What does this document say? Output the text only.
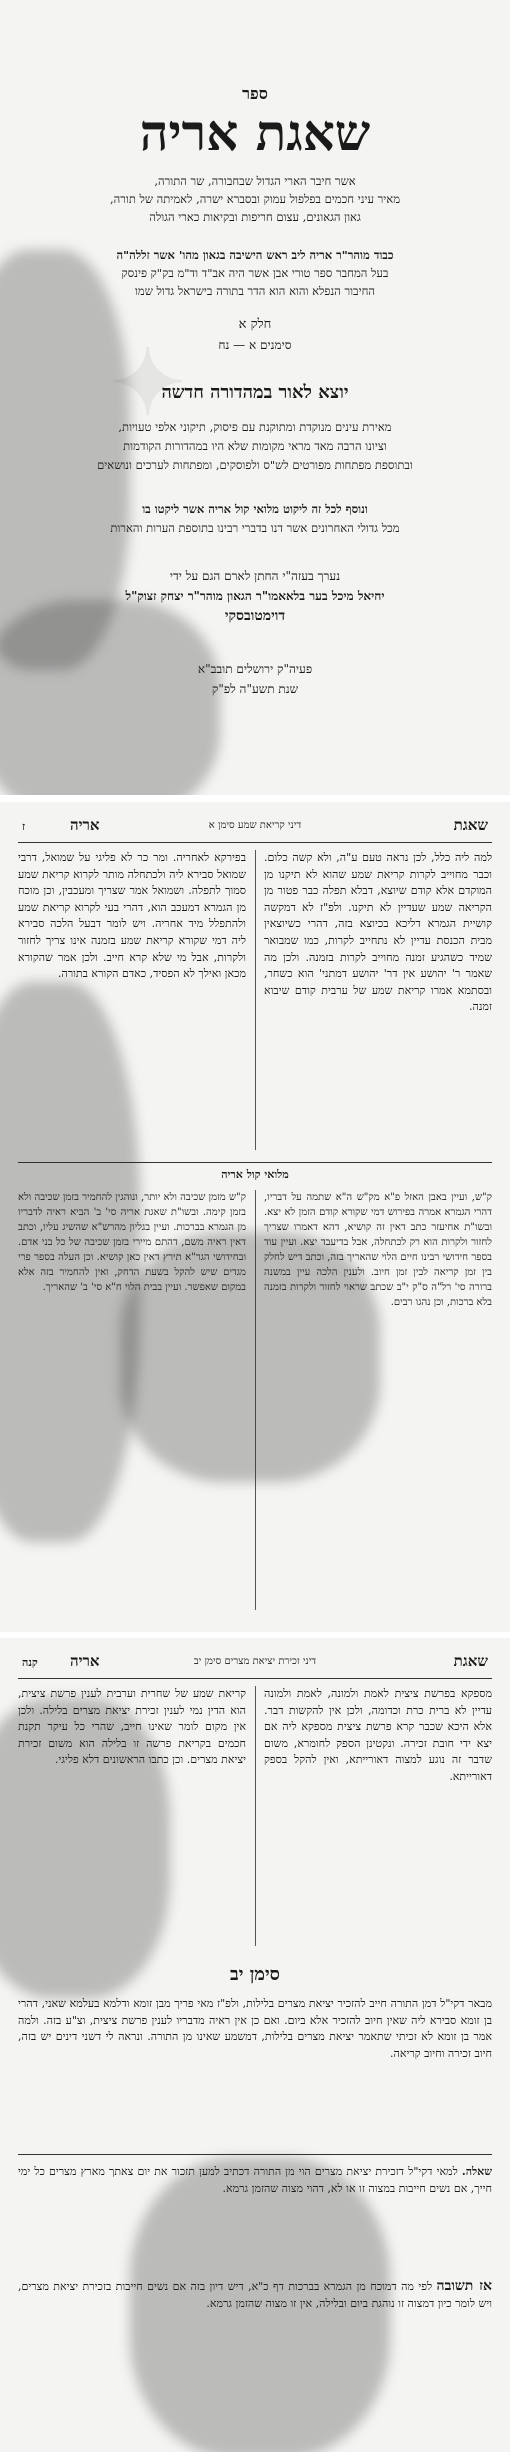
✦
ספר
שאגת אריה
אשר חיבר הארי הגדול שבחבורה, שר התורה,
מאיר עיני חכמים בפלפול עמוק ובסברא ישרה, לאמיתה של תורה,
גאון הגאונים, עצום חריפות ובקיאות כארי הגולה
כבוד מוהר"ר אריה ליב ראש הישיבה בגאון מהו' אשר זללה"ה
בעל המחבר ספר טורי אבן אשר היה אב"ד וד"מ בק"ק פינסק
החיבור הנפלא והוא הוא הדר בתורה בישראל גדול שמו
חלק א
סימנים א — נח
יוצא לאור במהדורה חדשה
מאירת עינים מנוקדת ומתוקנת עם פיסוק, תיקוני אלפי טעויות,
וציונו הרבה מאד מראי מקומות שלא היו במהדורות הקודמות
ובתוספת מפתחות מפורטים לש"ס ולפוסקים, ומפתחות לערכים ונושאים
ונוסף לכל זה ליקוט מלואי קול אריה אשר ליקטו בו
מכל גדולי האחרונים אשר דנו בדברי רבינו בתוספת הערות והארות
נערך בעזה"י החתן לארם הגם על ידי
יחיאל מיכל בער בלאאמו"ר הגאון מוהר"ר יצחק זצוק"ל
דוימטובסקי
פעיה"ק ירושלים תובב"א
שנת תשע"ה לפ"ק
שאגת
דיני קריאת שמע סימן א
אריה
ז
למה ליה כלל, לכן נראה טעם ע"ה, ולא קשה כלום. וכבר מחוייב לקרות קריאת שמע שהוא לא תיקנו מן המוקדם אלא קודם שיוצא, דבלא תפלה כבר פטור מן הקריאה שמע שעדיין לא תיקנו. ולפ"ז לא דמקשה קושיית הגמרא דליכא בכיוצא בזה, דהרי כשיוצאין מבית הכנסת עדיין לא נתחייב לקרות, כמו שמבואר שמיד כשהגיע זמנה מחוייב לקרות בזמנה. ולכן מה שאמר ר' יהושע אין דר' יהושע דמתני' הוא כשחר, ובסתמא אמרו קריאת שמע של ערבית קודם שיבוא זמנה.
בפירקא לאחריה. ומר כר לא פליגי על שמואל, דרבי שמואל סבירא ליה ולכתחלה מותר לקרוא קריאת שמע סמוך לתפלה. ושמואל אמר שצריך ומעכבין, וכן מוכח מן הגמרא דמעכב הוא, דהרי בעי לקרוא קריאת שמע ולהתפלל מיד אחריה. ויש לומר דבעל הלכה סבירא ליה דמי שקורא קריאת שמע בזמנה אינו צריך לחזור ולקרות, אבל מי שלא קרא חייב. ולכן אמר שהקורא מכאן ואילך לא הפסיד, כאדם הקורא בתורה.
מלואי קול אריה
ק"ש, ועיין באבן האזל פ"א מק"ש ה"א שתמה על דבריו, דהרי הגמרא אמרה בפירוש דמי שקורא קודם הזמן לא יצא. ובשו"ת אחיעזר כתב דאין זה קושיא, דהא דאמרו שצריך לחזור ולקרות הוא רק לכתחלה, אבל בדיעבד יצא. ועיין עוד בספר חידושי רבינו חיים הלוי שהאריך בזה, וכתב דיש לחלק בין זמן קריאה לבין זמן חיוב. ולענין הלכה עיין במשנה ברורה סי' רל"ה ס"ק י"ב שכתב שראוי לחזור ולקרות בזמנה בלא ברכות, וכן נהגו רבים.
ק"ש מזמן שכיבה ולא יותר, ונוהגין להחמיר בזמן שכיבה ולא בזמן קימה. ובשו"ת שאגת אריה סי' ב' הביא ראיה לדבריו מן הגמרא בברכות. ועיין בגליון מהרש"א שהשיג עליו, וכתב דאין ראיה משם, דהתם מיירי בזמן שכיבה של כל בני אדם. ובחידושי הגר"א תירץ דאין כאן קושיא. וכן העלה בספר פרי מגדים שיש להקל בשעת הדחק, ואין להחמיר בזה אלא במקום שאפשר. ועיין בבית הלוי ח"א סי' ב' שהאריך.
שאגת
דיני זכירת יציאת מצרים סימן יב
אריה
קנה
מספקא בפרשת ציצית לאמת ולמונה, לאמת ולמונה עדיין לא ברית כרת וכדומה, ולכן אין להקשות דבר. אלא היכא שכבר קרא פרשת ציצית מספקא ליה אם יצא ידי חובת זכירה. ונקטינן הספק לחומרא, משום שדבר זה נוגע למצוה דאורייתא, ואין להקל בספק דאורייתא.
קריאת שמע של שחרית וערבית לענין פרשת ציצית, הוא הדין נמי לענין זכירת יציאת מצרים בלילה. ולכן אין מקום לומר שאינו חייב, שהרי כל עיקר תקנת חכמים בקריאת פרשה זו בלילה הוא משום זכירת יציאת מצרים. וכן כתבו הראשונים דלא פליגי.
סימן יב
מבאר דקי"ל דמן התורה חייב להזכיר יציאת מצרים בלילות, ולפ"ז מאי פריך מבן זומא ודלמא בעלמא שאני, דהרי בן זומא סבירא ליה שאין חיוב להזכיר אלא ביום. ואם כן אין ראיה מדבריו לענין פרשת ציצית, וצ"ע בזה. ולמה אמר בן זומא לא זכיתי שתאמר יציאת מצרים בלילות, דמשמע שאינו מן התורה. ונראה לי דשני דינים יש בזה, חיוב זכירה וחיוב קריאה.
שאלה. למאי דקי"ל דזכירת יציאת מצרים הוי מן התורה דכתיב למען תזכור את יום צאתך מארץ מצרים כל ימי חייך, אם נשים חייבות במצוה זו או לא, דהוי מצוה שהזמן גרמא.
אז תשובה לפי מה דמוכח מן הגמרא בברכות דף כ"א, דיש דיון בזה אם נשים חייבות בזכירת יציאת מצרים, ויש לומר כיון דמצוה זו נוהגת ביום ובלילה, אין זו מצוה שהזמן גרמא.
